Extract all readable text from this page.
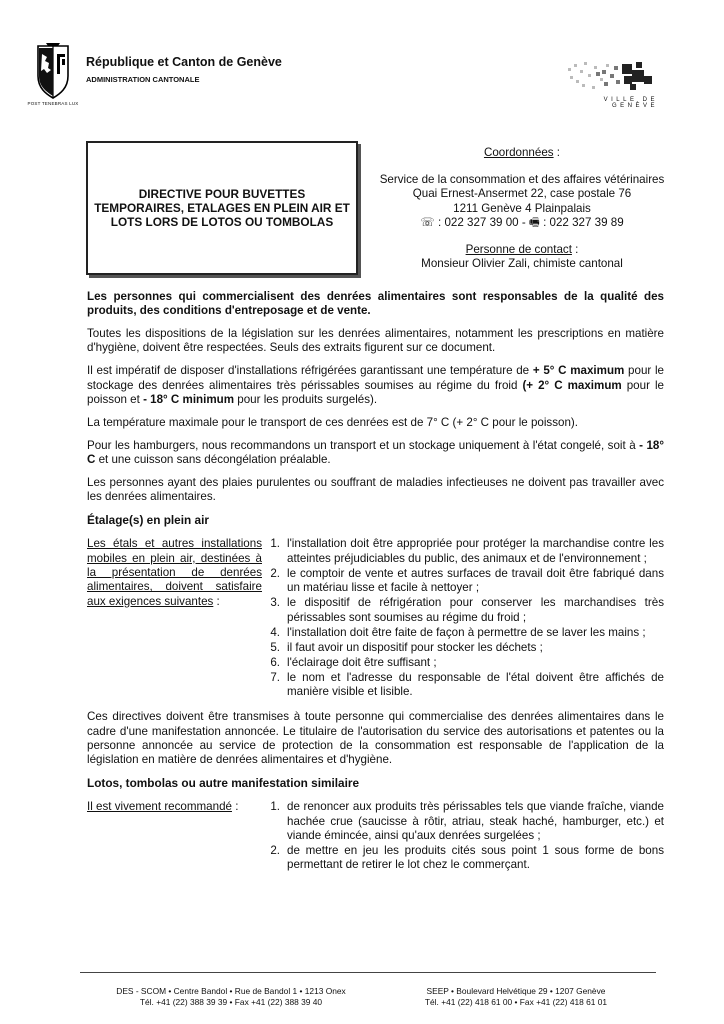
POST TENEBRAS LUX
République et Canton de Genève
ADMINISTRATION CANTONALE
VILLE DE GENÈVE
DIRECTIVE POUR BUVETTES TEMPORAIRES, ETALAGES EN PLEIN AIR ET LOTS LORS DE LOTOS OU TOMBOLAS

Coordonnées :

Service de la consommation et des affaires vétérinaires

Quai Ernest-Ansermet 22, case postale 76

1211 Genève 4 Plainpalais

☏ : 022 327 39 00 - 🖷 : 022 327 39 89

Personne de contact :

Monsieur Olivier Zali, chimiste cantonal

Les personnes qui commercialisent des denrées alimentaires sont responsables de la qualité des produits, des conditions d'entreposage et de vente.

Toutes les dispositions de la législation sur les denrées alimentaires, notamment les prescriptions en matière d'hygiène, doivent être respectées. Seuls des extraits figurent sur ce document.

Il est impératif de disposer d'installations réfrigérées garantissant une température de + 5° C maximum pour le stockage des denrées alimentaires très périssables soumises au régime du froid (+ 2° C maximum pour le poisson et - 18° C minimum pour les produits surgelés).

La température maximale pour le transport de ces denrées est de 7° C (+ 2° C pour le poisson).

Pour les hamburgers, nous recommandons un transport et un stockage uniquement à l'état congelé, soit à - 18° C et une cuisson sans décongélation préalable.

Les personnes ayant des plaies purulentes ou souffrant de maladies infectieuses ne doivent pas travailler avec les denrées alimentaires.

Étalage(s) en plein air
Les étals et autres installations mobiles en plein air, destinées à la présentation de denrées alimentaires, doivent satisfaire aux exigences suivantes :
1. l'installation doit être appropriée pour protéger la marchandise contre les atteintes préjudiciables du public, des animaux et de l'environnement ;
2. le comptoir de vente et autres surfaces de travail doit être fabriqué dans un matériau lisse et facile à nettoyer ;
3. le dispositif de réfrigération pour conserver les marchandises très périssables sont soumises au régime du froid ;
4. l'installation doit être faite de façon à permettre de se laver les mains ;
5. il faut avoir un dispositif pour stocker les déchets ;
6. l'éclairage doit être suffisant ;
7. le nom et l'adresse du responsable de l'étal doivent être affichés de manière visible et lisible.

Ces directives doivent être transmises à toute personne qui commercialise des denrées alimentaires dans le cadre d'une manifestation annoncée. Le titulaire de l'autorisation du service des autorisations et patentes ou la personne annoncée au service de protection de la consommation est responsable de l'application de la législation en matière de denrées alimentaires et d'hygiène.

Lotos, tombolas ou autre manifestation similaire
Il est vivement recommandé :	1. de renoncer aux produits très périssables tels que viande fraîche, viande hachée crue (saucisse à rôtir, atriau, steak haché, hamburger, etc.) et viande émincée, ainsi qu'aux denrées surgelées ;
2. de mettre en jeu les produits cités sous point 1 sous forme de bons permettant de retirer le lot chez le commerçant.
DES - SCOM • Centre Bandol • Rue de Bandol 1 • 1213 Onex
Tél. +41 (22) 388 39 39 • Fax +41 (22) 388 39 40
SEEP • Boulevard Helvétique 29 • 1207 Genève
Tél. +41 (22) 418 61 00 • Fax +41 (22) 418 61 01
